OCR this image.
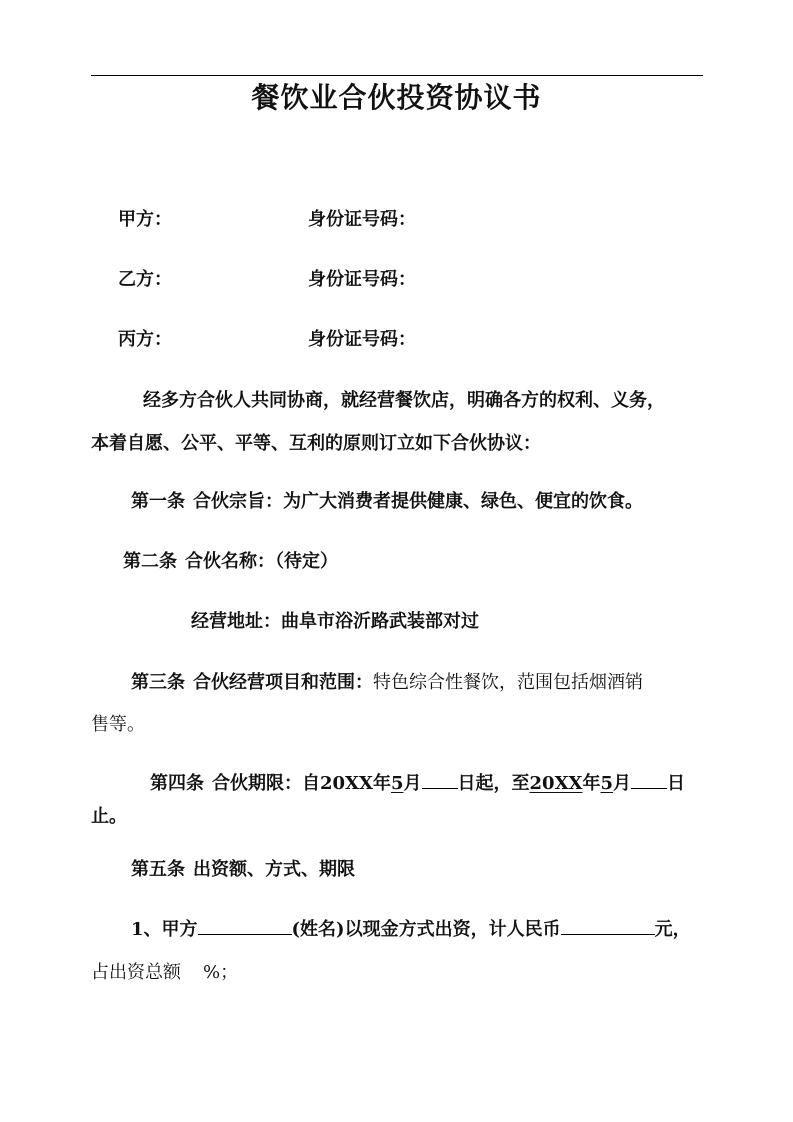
餐饮业合伙投资协议书
甲方：	身份证号码：
乙方：	身份证号码：
丙方：	身份证号码：
经多方合伙人共同协商，就经营餐饮店，明确各方的权利、义务，
本着自愿、公平、平等、互利的原则订立如下合伙协议：
第一条 合伙宗旨：为广大消费者提供健康、绿色、便宜的饮食。
第二条 合伙名称：（待定）
经营地址：曲阜市浴沂路武装部对过
第三条 合伙经营项目和范围：特色综合性餐饮，范围包括烟酒销
售等。
第四条 合伙期限：自20XX年5月 日起，至20XX年5月 日
止。
第五条 出资额、方式、期限
1、甲方	(姓名)以现金方式出资，计人民币	元，
占出资总额 %；
